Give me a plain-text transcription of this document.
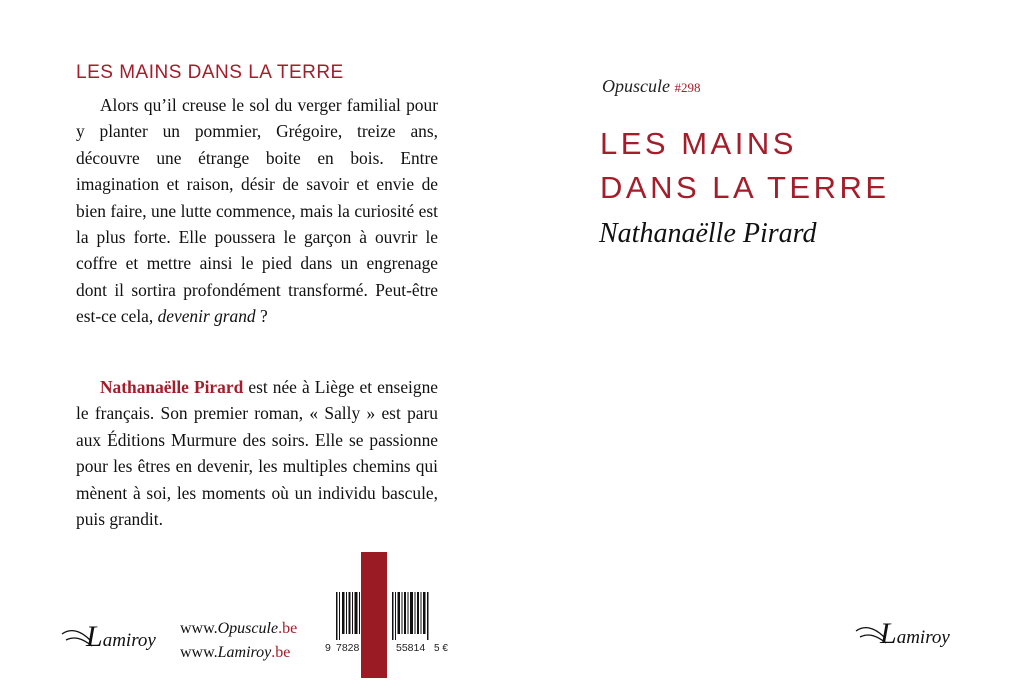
LES MAINS DANS LA TERRE

Alors qu’il creuse le sol du verger familial pour y planter un pommier, Grégoire, treize ans, découvre une étrange boite en bois. Entre imagination et raison, désir de savoir et envie de bien faire, une lutte commence, mais la curiosité est la plus forte. Elle poussera le garçon à ouvrir le coffre et mettre ainsi le pied dans un engrenage dont il sortira profondément transformé. Peut-être est-ce cela, devenir grand ?

Nathanaëlle Pirard est née à Liège et enseigne le français. Son premier roman, « Sally » est paru aux Éditions Murmure des soirs. Elle se passionne pour les êtres en devenir, les multiples chemins qui mènent à soi, les moments où un individu bascule, puis grandit.

Lamiroy
www.Opuscule.be
www.Lamiroy.be	9 7828	55814 5 €
Opuscule #298
LES MAINS
DANS LA TERRE
Nathanaëlle Pirard
Lamiroy
